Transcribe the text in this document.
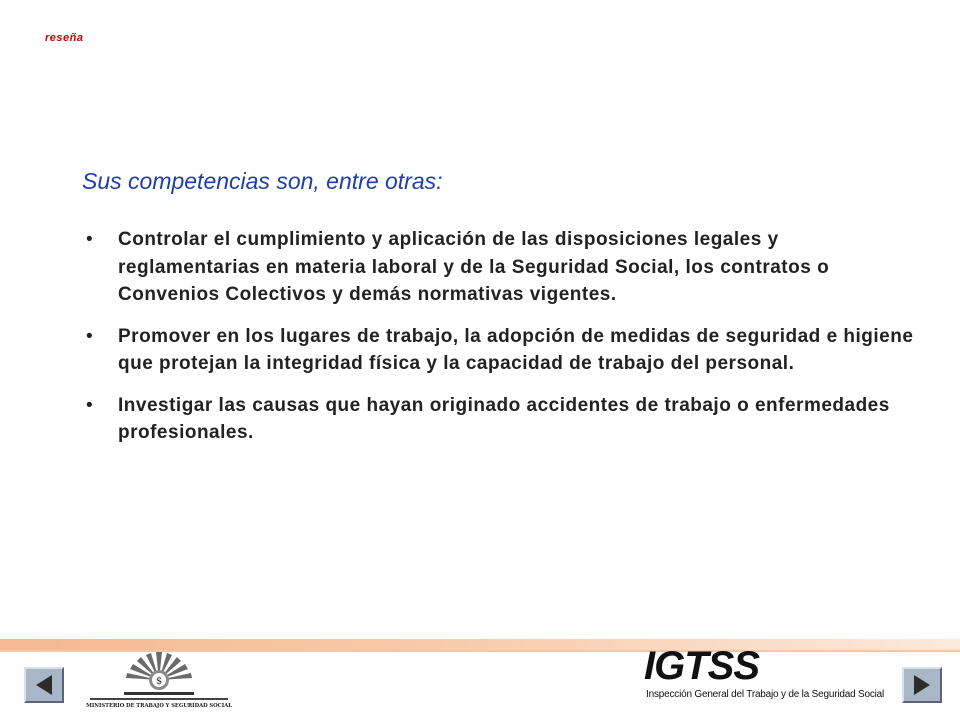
reseña
Sus competencias son, entre otras:
• Controlar el cumplimiento y aplicación de las disposiciones legales y reglamentarias en materia laboral y de la Seguridad Social, los contratos o Convenios Colectivos y demás normativas vigentes.
• Promover en los lugares de trabajo, la adopción de medidas de seguridad e higiene que protejan la integridad física y la capacidad de trabajo del personal.
• Investigar las causas que hayan originado accidentes de trabajo o enfermedades profesionales.
$
MINISTERIO DE TRABAJO Y SEGURIDAD SOCIAL
IGTSS
Inspección General del Trabajo y de la Seguridad Social
